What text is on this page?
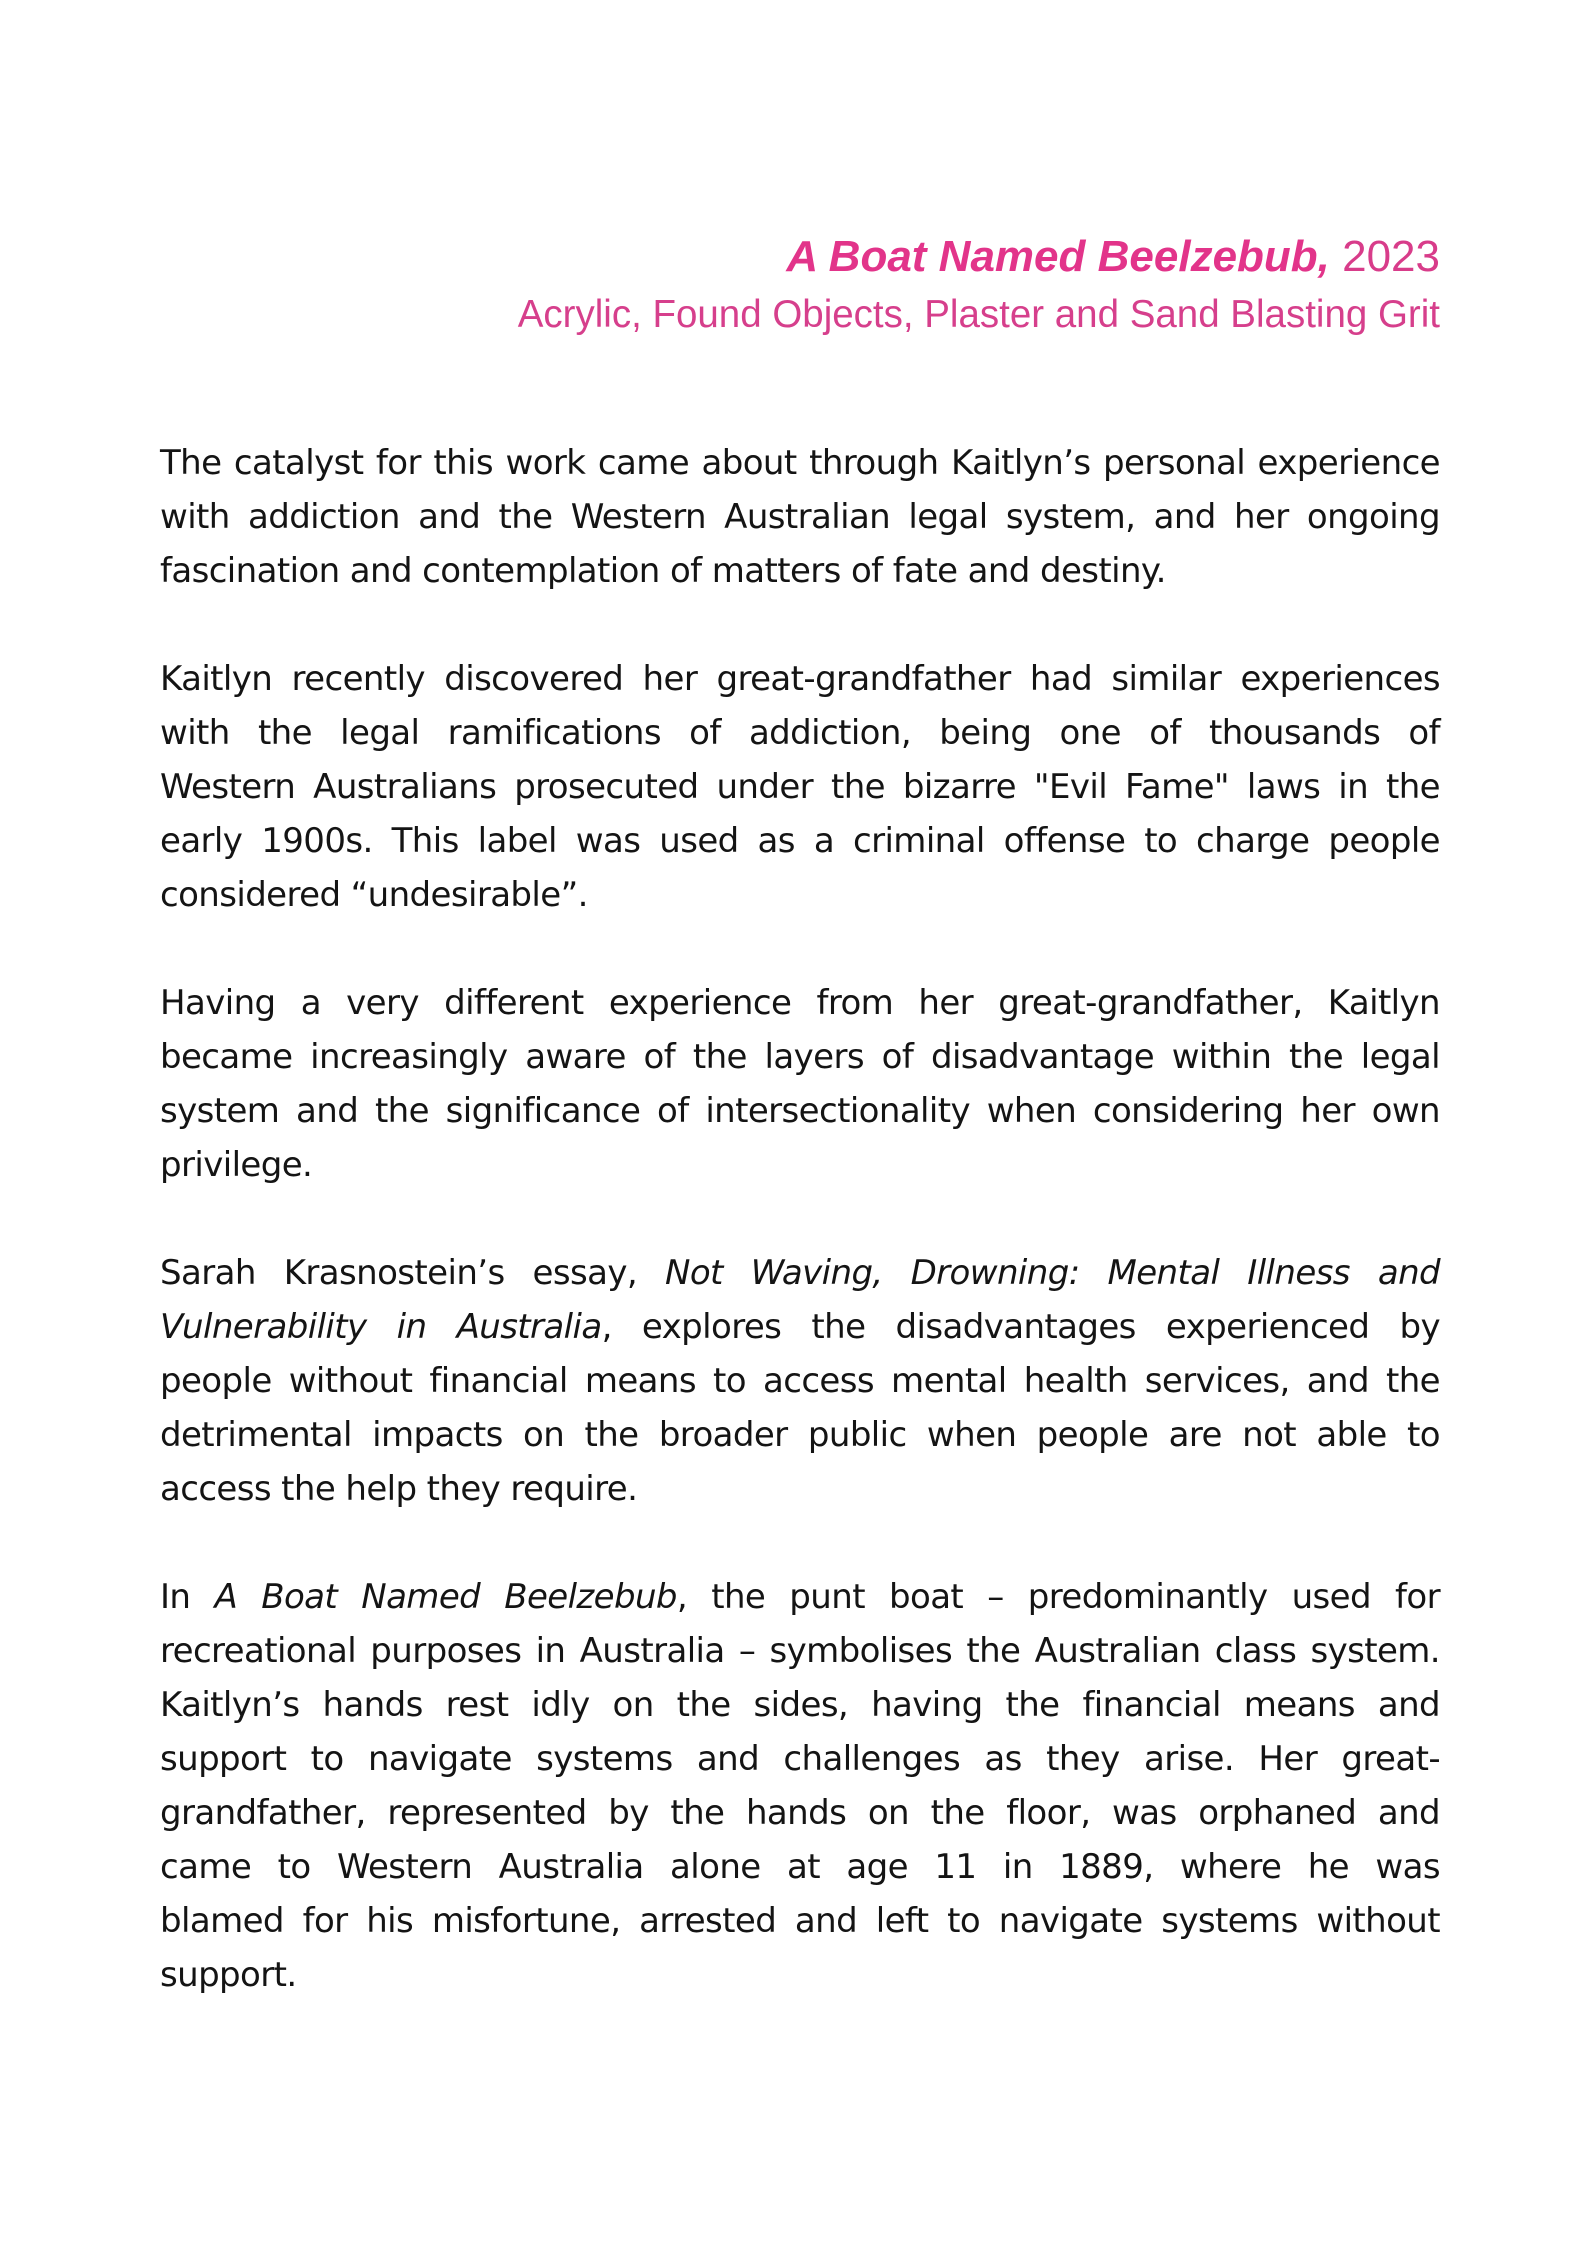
A Boat Named Beelzebub, 2023
Acrylic, Found Objects, Plaster and Sand Blasting Grit
The catalyst for this work came about through Kaitlyn’s personal experience
with addiction and the Western Australian legal system, and her ongoing
fascination and contemplation of matters of fate and destiny.
Kaitlyn recently discovered her great-grandfather had similar experiences
with the legal ramifications of addiction, being one of thousands of
Western Australians prosecuted under the bizarre "Evil Fame" laws in the
early 1900s. This label was used as a criminal offense to charge people
considered “undesirable”.
Having a very different experience from her great-grandfather, Kaitlyn
became increasingly aware of the layers of disadvantage within the legal
system and the significance of intersectionality when considering her own
privilege.
Sarah Krasnostein’s essay, Not Waving, Drowning: Mental Illness and
Vulnerability in Australia, explores the disadvantages experienced by
people without financial means to access mental health services, and the
detrimental impacts on the broader public when people are not able to
access the help they require.
In A Boat Named Beelzebub, the punt boat – predominantly used for
recreational purposes in Australia – symbolises the Australian class system.
Kaitlyn’s hands rest idly on the sides, having the financial means and
support to navigate systems and challenges as they arise. Her great-
grandfather, represented by the hands on the floor, was orphaned and
came to Western Australia alone at age 11 in 1889, where he was
blamed for his misfortune, arrested and left to navigate systems without
support.
